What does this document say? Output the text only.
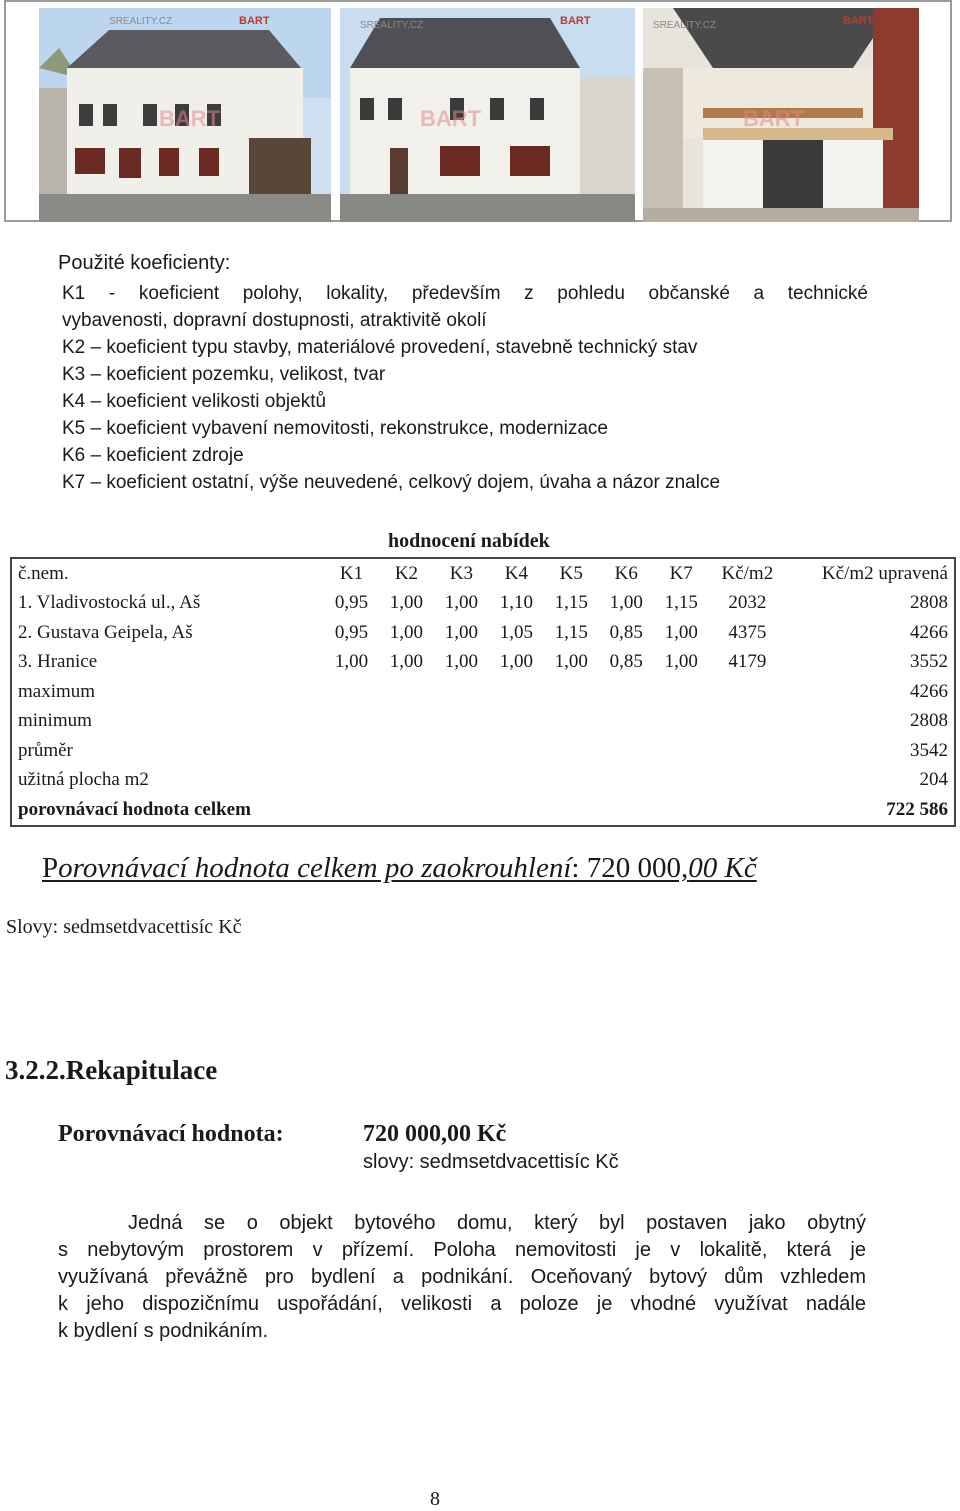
SREALITY.CZ	BART
BART
SREALITY.CZ	BART
BART
SREALITY.CZ	BART
BART
Použité koeficienty:
K1 - koeficient polohy, lokality, především z pohledu občanské a technické
vybavenosti, dopravní dostupnosti, atraktivitě okolí
K2 – koeficient typu stavby, materiálové provedení, stavebně technický stav
K3 – koeficient pozemku, velikost, tvar
K4 – koeficient velikosti objektů
K5 – koeficient vybavení nemovitosti, rekonstrukce, modernizace
K6 – koeficient zdroje
K7 – koeficient ostatní, výše neuvedené, celkový dojem, úvaha a názor znalce
hodnocení nabídek
č.nem.	K1	K2	K3	K4	K5	K6	K7	Kč/m2	Kč/m2 upravená
1. Vladivostocká ul., Aš	0,95	1,00	1,00	1,10	1,15	1,00	1,15	2032	2808
2. Gustava Geipela, Aš	0,95	1,00	1,00	1,05	1,15	0,85	1,00	4375	4266
3. Hranice	1,00	1,00	1,00	1,00	1,00	0,85	1,00	4179	3552
maximum									4266
minimum									2808
průměr									3542
užitná plocha m2									204
porovnávací hodnota celkem									722 586
Porovnávací hodnota celkem po zaokrouhlení: 720 000,00 Kč
Slovy: sedmsetdvacettisíc Kč
3.2.2.Rekapitulace
Porovnávací hodnota:	720 000,00 Kč
slovy: sedmsetdvacettisíc Kč
Jedná se o objekt bytového domu, který byl postaven jako obytný
s nebytovým prostorem v přízemí. Poloha nemovitosti je v lokalitě, která je
využívaná převážně pro bydlení a podnikání. Oceňovaný bytový dům vzhledem
k jeho dispozičnímu uspořádání, velikosti a poloze je vhodné využívat nadále
k bydlení s podnikáním.
8
